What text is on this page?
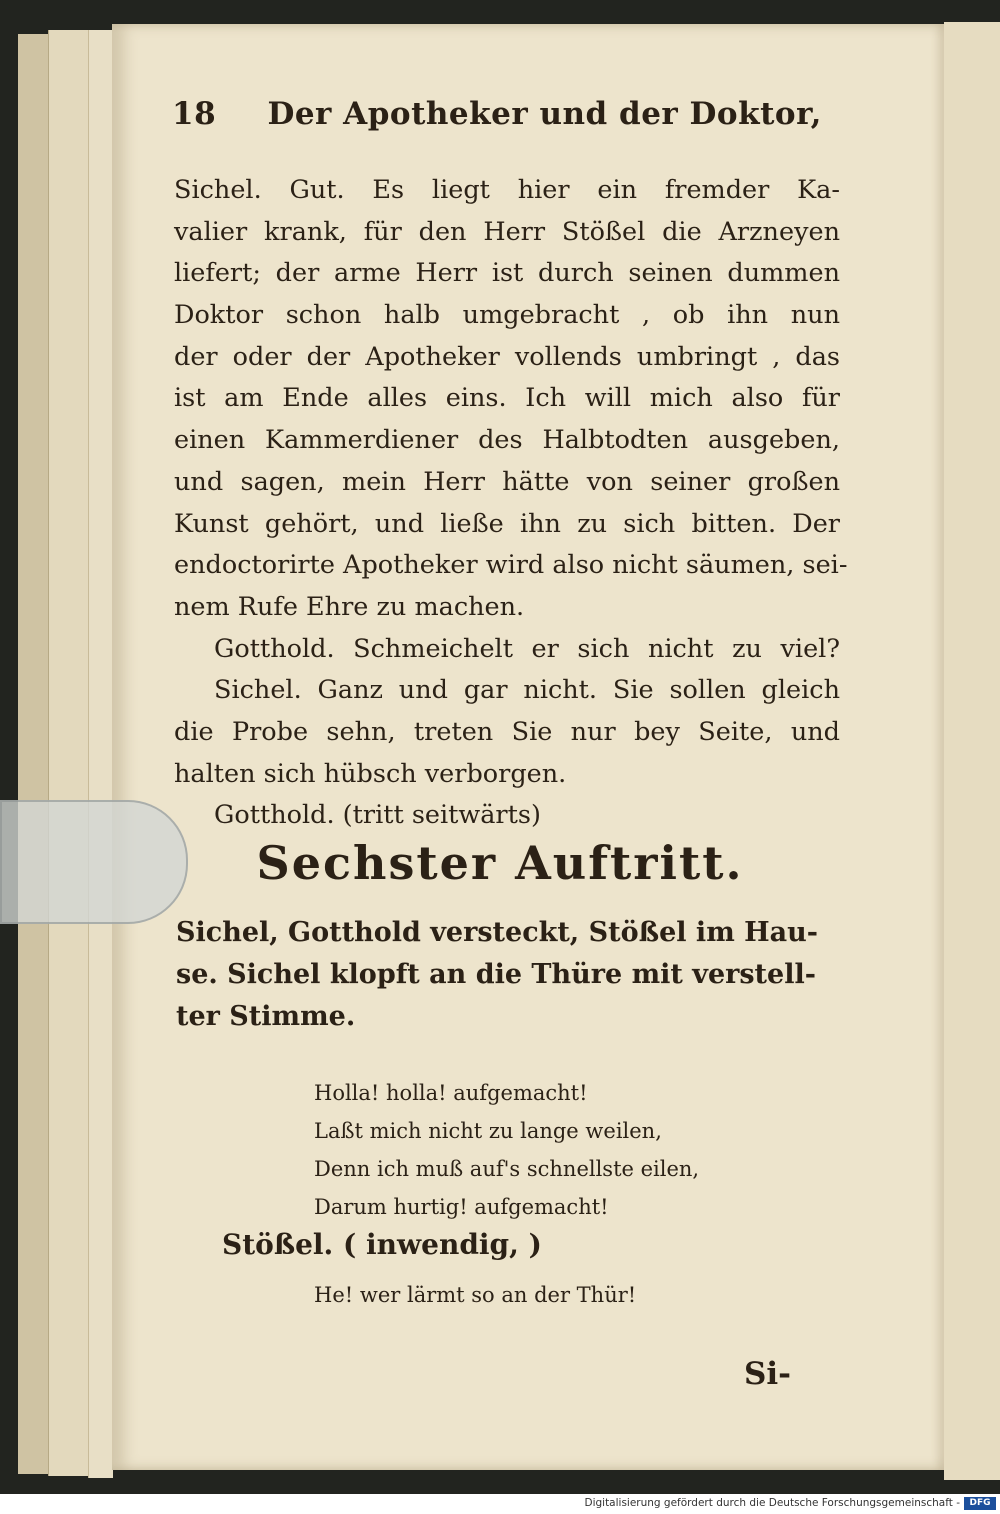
18 Der Apotheker und der Doktor,
Sichel. Gut. Es liegt hier ein fremder Ka-
valier krank, für den Herr Stößel die Arzneyen
liefert; der arme Herr ist durch seinen dummen
Doktor schon halb umgebracht , ob ihn nun
der oder der Apotheker vollends umbringt , das
ist am Ende alles eins. Ich will mich also für
einen Kammerdiener des Halbtodten ausgeben,
und sagen, mein Herr hätte von seiner großen
Kunst gehört, und ließe ihn zu sich bitten. Der
endoctorirte Apotheker wird also nicht säumen, sei-
nem Rufe Ehre zu machen.
Gotthold. Schmeichelt er sich nicht zu viel?
Sichel. Ganz und gar nicht. Sie sollen gleich
die Probe sehn, treten Sie nur bey Seite, und
halten sich hübsch verborgen.
Gotthold. (tritt seitwärts)
Sechster Auftritt.
Sichel, Gotthold versteckt, Stößel im Hau-
se. Sichel klopft an die Thüre mit verstell-
ter Stimme.
Holla! holla! aufgemacht!
Laßt mich nicht zu lange weilen,
Denn ich muß auf's schnellste eilen,
Darum hurtig! aufgemacht!
Stößel. ( inwendig, )
He! wer lärmt so an der Thür!
Si-
Digitalisierung gefördert durch die Deutsche Forschungsgemeinschaft -	DFG
